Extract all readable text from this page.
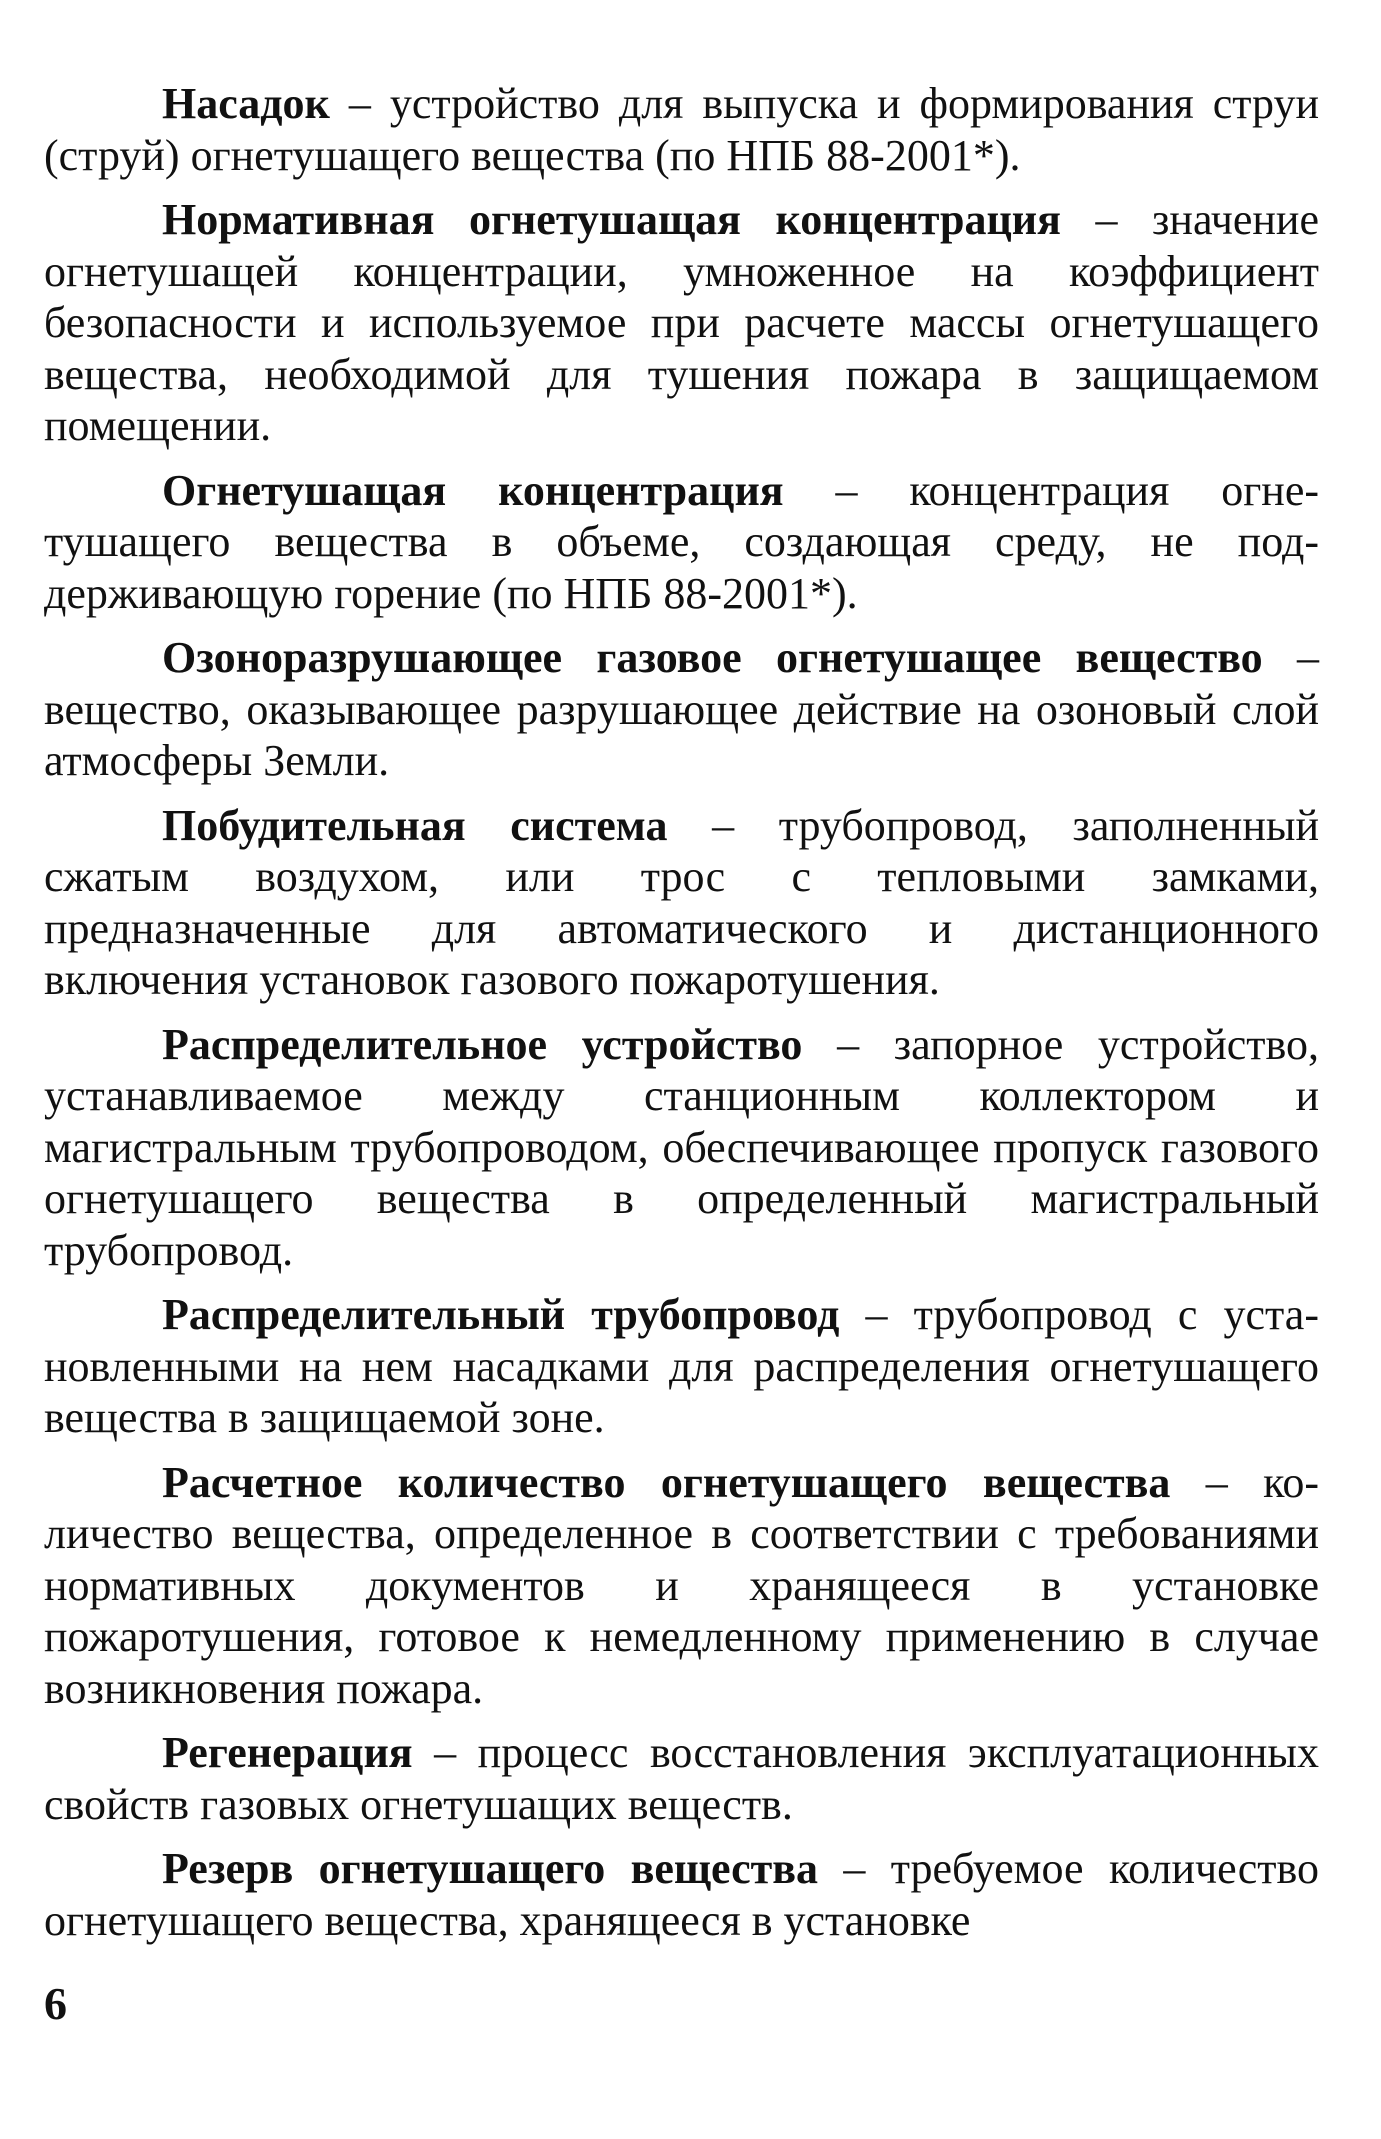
Насадок – устройство для выпуска и формирования струи (струй) огнетушащего вещества (по НПБ 88-2001*).

Нормативная огнетушащая концентрация – значение огнетушащей концентрации, умноженное на коэффициент безопасности и используемое при расчете массы огнетушащего вещества, необходимой для тушения пожара в защищаемом помещении.

Огнетушащая концентрация – концентрация огнетушащего вещества в объеме, создающая среду, не поддерживающую горение (по НПБ 88-2001*).

Озоноразрушающее газовое огнетушащее вещество – вещество, оказывающее разрушающее действие на озоновый слой атмосферы Земли.

Побудительная система – трубопровод, заполненный сжатым воздухом, или трос с тепловыми замками, предназначенные для автоматического и дистанционного включения установок газового пожаротушения.

Распределительное устройство – запорное устройство, устанавливаемое между станционным коллектором и магистральным трубопроводом, обеспечивающее пропуск газового огнетушащего вещества в определенный магистральный трубопровод.

Распределительный трубопровод – трубопровод с установленными на нем насадками для распределения огнетушащего вещества в защищаемой зоне.

Расчетное количество огнетушащего вещества – количество вещества, определенное в соответствии с требованиями нормативных документов и хранящееся в установке пожаротушения, готовое к немедленному применению в случае возникновения пожара.

Регенерация – процесс восстановления эксплуатационных свойств газовых огнетушащих веществ.

Резерв огнетушащего вещества – требуемое количество огнетушащего вещества, хранящееся в установке

6
